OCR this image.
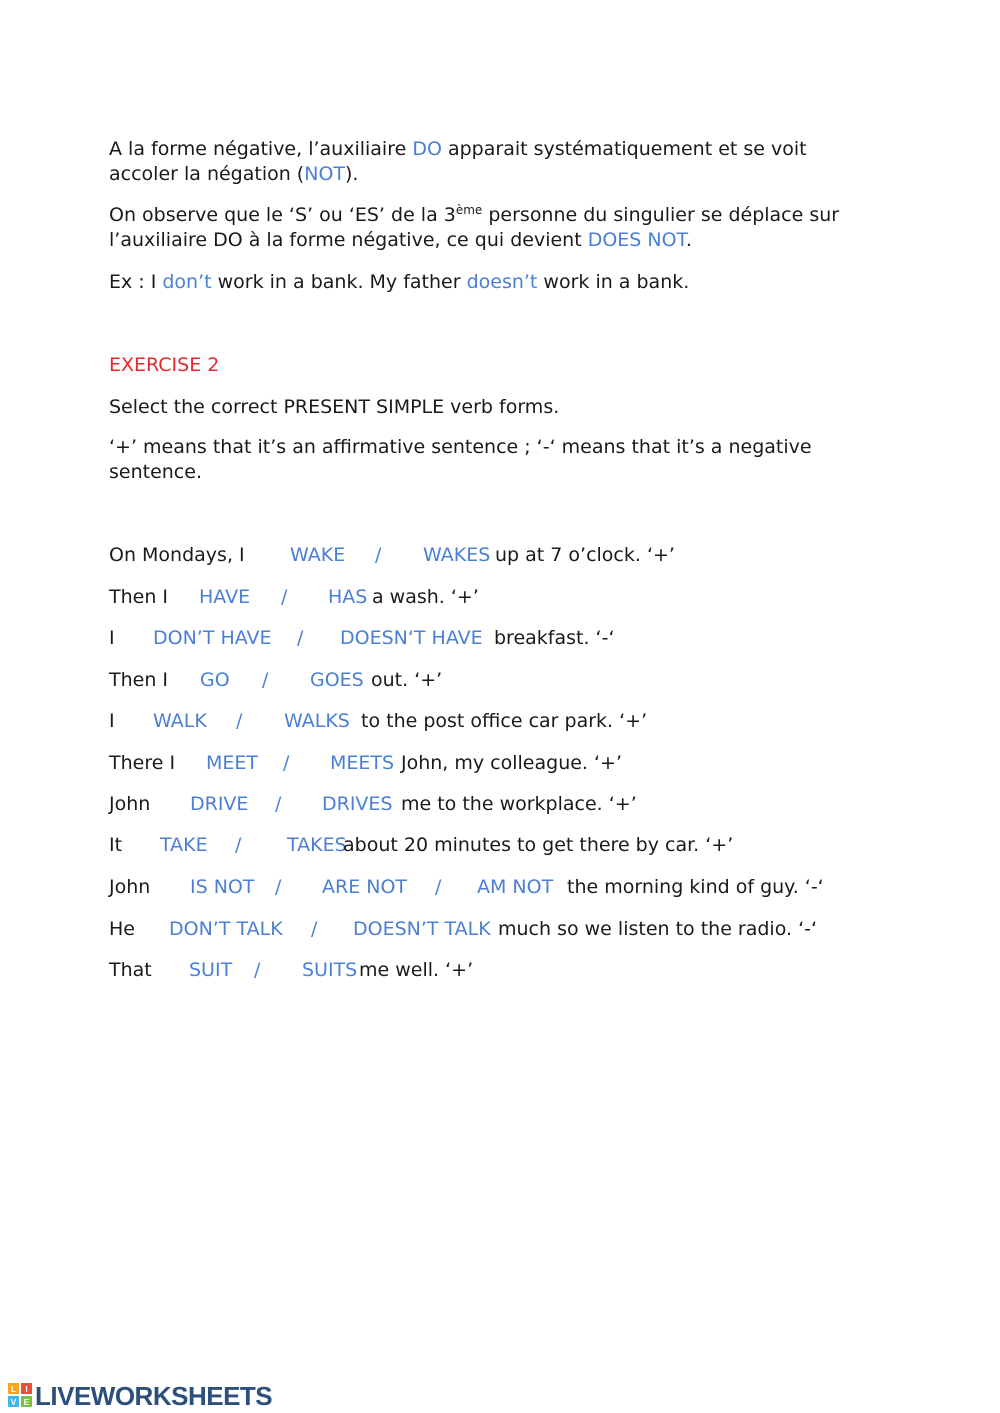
A la forme négative, l’auxiliaire DO apparait systématiquement et se voit
accoler la négation (NOT).
On observe que le ‘S’ ou ‘ES’ de la 3ème personne du singulier se déplace sur
l’auxiliaire DO à la forme négative, ce qui devient DOES NOT.
Ex : I don’t work in a bank. My father doesn’t work in a bank.
EXERCISE 2
Select the correct PRESENT SIMPLE verb forms.
‘+’ means that it’s an affirmative sentence ; ‘-‘ means that it’s a negative
sentence.
On Mondays, I WAKE / WAKES up at 7 o’clock. ‘+’
Then I HAVE / HAS a wash. ‘+’
I DON’T HAVE / DOESN‘T HAVE breakfast. ‘-‘
Then I GO / GOES out. ‘+’
I WALK / WALKS to the post office car park. ‘+’
There I MEET / MEETS John, my colleague. ‘+’
John DRIVE / DRIVES me to the workplace. ‘+’
It TAKE / TAKES
about 20 minutes to get there by car. ‘+’
John IS NOT / ARE NOT / AM NOT the morning kind of guy. ‘-‘
He DON’T TALK / DOESN’T TALK much so we listen to the radio. ‘-‘
That SUIT / SUITS me well. ‘+’
L I
V E LIVEWORKSHEETS
